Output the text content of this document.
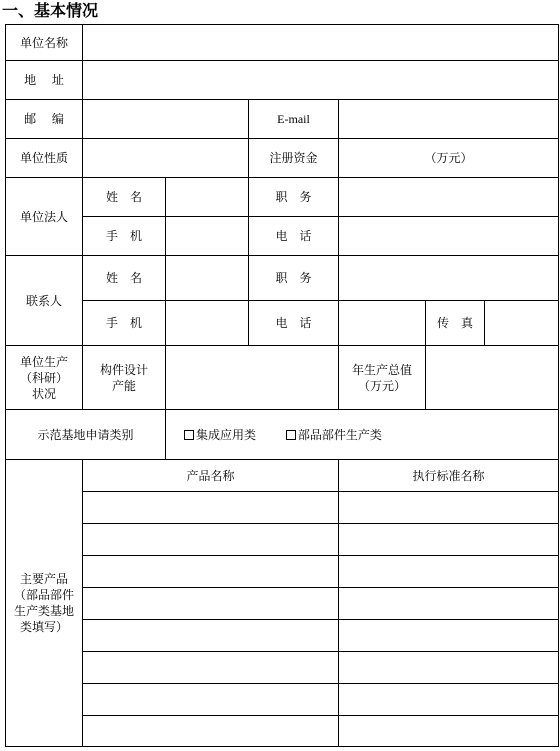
一、基本情况
单位名称						
地　 址						
邮　 编			E-mail			
单位性质			注册资金	（万元）		
单位法人	姓　名		职　务			
	手　机		电　话			
联系人	姓　名		职　务			
	手　机		电　话		传　真	

单位生产
（科研）
状况	构件设计
产能			年生产总值
（万元）		

示范基地申请类别		集成应用类 部品部件生产类				

主要产品
（部品部件
生产类基地
类填写）	产品名称			执行标准名称		
